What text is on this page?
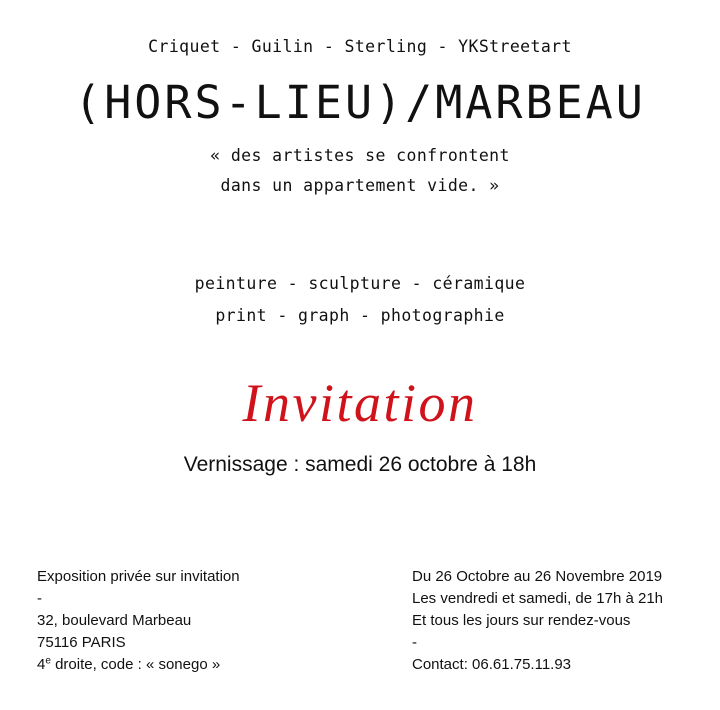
Criquet - Guilin - Sterling - YKStreetart
(HORS-LIEU)/MARBEAU
« des artistes se confrontent
dans un appartement vide. »
peinture - sculpture - céramique
print - graph - photographie
Invitation
Vernissage : samedi 26 octobre à 18h
Exposition privée sur invitation
-
32, boulevard Marbeau
75116 PARIS
4e droite, code : « sonego »
Du 26 Octobre au 26 Novembre 2019
Les vendredi et samedi, de 17h à 21h
Et tous les jours sur rendez-vous
-
Contact: 06.61.75.11.93
